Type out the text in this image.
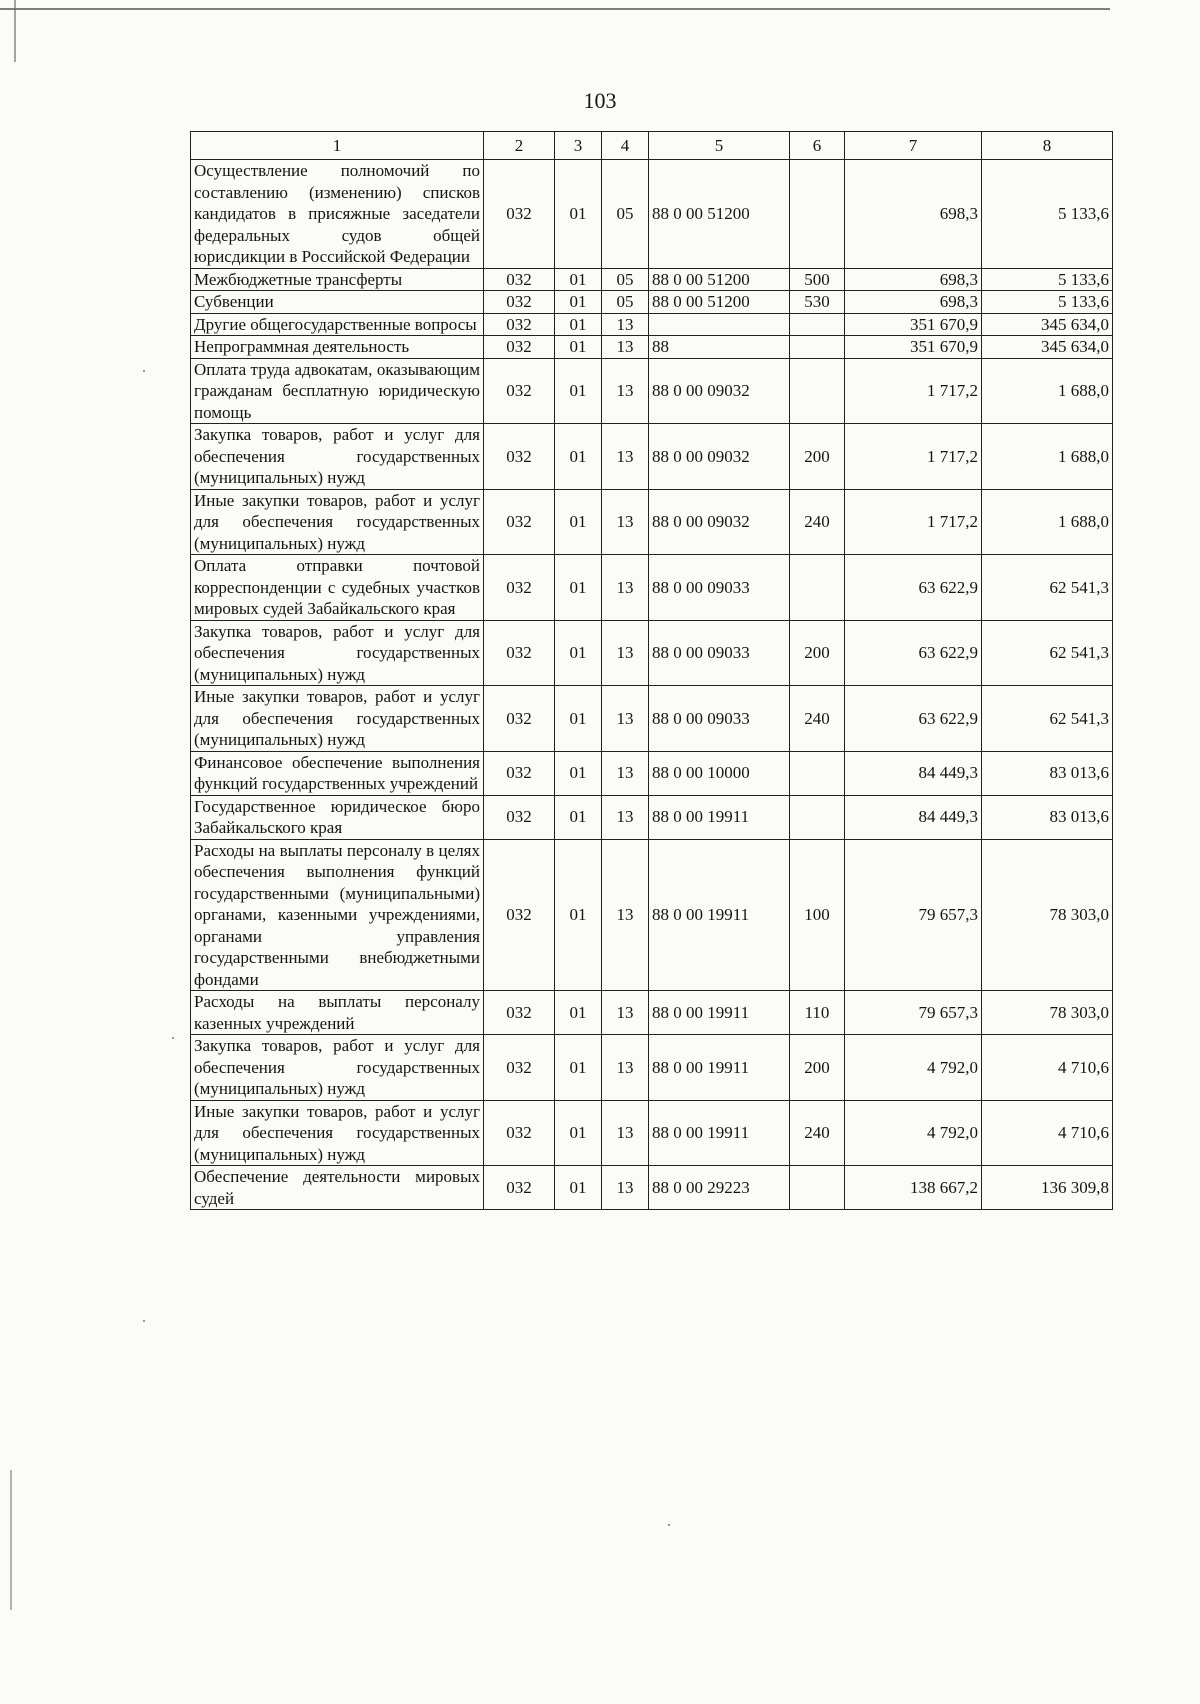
103
1	2	3	4	5	6	7	8
Осуществление полномочий по составлению (изменению) списков кандидатов в присяжные заседатели федеральных судов общей юрисдикции в Российской Федерации	032	01	05	88 0 00 51200		698,3	5 133,6
Межбюджетные трансферты	032	01	05	88 0 00 51200	500	698,3	5 133,6
Субвенции	032	01	05	88 0 00 51200	530	698,3	5 133,6
Другие общегосударственные вопросы	032	01	13			351 670,9	345 634,0
Непрограммная деятельность	032	01	13	88		351 670,9	345 634,0
Оплата труда адвокатам, оказывающим гражданам бесплатную юридическую помощь	032	01	13	88 0 00 09032		1 717,2	1 688,0
Закупка товаров, работ и услуг для обеспечения государственных (муниципальных) нужд	032	01	13	88 0 00 09032	200	1 717,2	1 688,0
Иные закупки товаров, работ и услуг для обеспечения государственных (муниципальных) нужд	032	01	13	88 0 00 09032	240	1 717,2	1 688,0
Оплата отправки почтовой корреспонденции с судебных участков мировых судей Забайкальского края	032	01	13	88 0 00 09033		63 622,9	62 541,3
Закупка товаров, работ и услуг для обеспечения государственных (муниципальных) нужд	032	01	13	88 0 00 09033	200	63 622,9	62 541,3
Иные закупки товаров, работ и услуг для обеспечения государственных (муниципальных) нужд	032	01	13	88 0 00 09033	240	63 622,9	62 541,3
Финансовое обеспечение выполнения функций государственных учреждений	032	01	13	88 0 00 10000		84 449,3	83 013,6
Государственное юридическое бюро Забайкальского края	032	01	13	88 0 00 19911		84 449,3	83 013,6
Расходы на выплаты персоналу в целях обеспечения выполнения функций государственными (муниципальными) органами, казенными учреждениями, органами управления государственными внебюджетными фондами	032	01	13	88 0 00 19911	100	79 657,3	78 303,0
Расходы на выплаты персоналу казенных учреждений	032	01	13	88 0 00 19911	110	79 657,3	78 303,0
Закупка товаров, работ и услуг для обеспечения государственных (муниципальных) нужд	032	01	13	88 0 00 19911	200	4 792,0	4 710,6
Иные закупки товаров, работ и услуг для обеспечения государственных (муниципальных) нужд	032	01	13	88 0 00 19911	240	4 792,0	4 710,6
Обеспечение деятельности мировых судей	032	01	13	88 0 00 29223		138 667,2	136 309,8
